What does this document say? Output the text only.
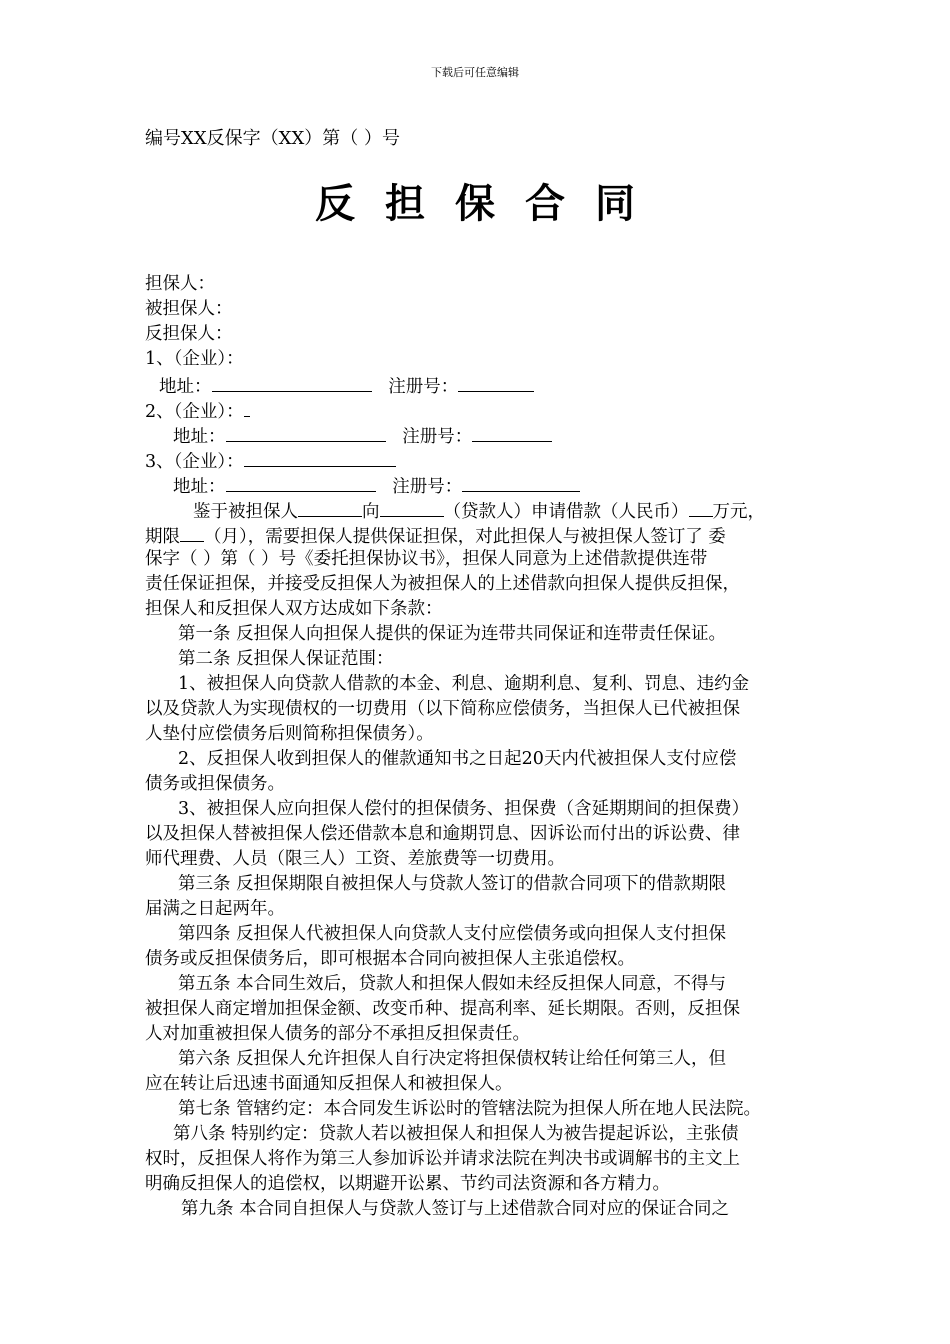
下载后可任意编辑
编号XX反保字（XX）第（ ）号
反担保合同
担保人：
被担保人：
反担保人：
1、（企业）：
地址：	注册号：
2、（企业）：
地址：	注册号：
3、（企业）：
地址：	注册号：
鉴于被担保人	向	（贷款人）申请借款（人民币） 万元，
期限 （月），需要担保人提供保证担保，对此担保人与被担保人签订了 委
保字（ ）第（ ）号《委托担保协议书》，担保人同意为上述借款提供连带
责任保证担保，并接受反担保人为被担保人的上述借款向担保人提供反担保，
担保人和反担保人双方达成如下条款：
第一条 反担保人向担保人提供的保证为连带共同保证和连带责任保证。
第二条 反担保人保证范围：
1、被担保人向贷款人借款的本金、利息、逾期利息、复利、罚息、违约金
以及贷款人为实现债权的一切费用（以下简称应偿债务，当担保人已代被担保
人垫付应偿债务后则简称担保债务）。
2、反担保人收到担保人的催款通知书之日起20天内代被担保人支付应偿
债务或担保债务。
3、被担保人应向担保人偿付的担保债务、担保费（含延期期间的担保费）
以及担保人替被担保人偿还借款本息和逾期罚息、因诉讼而付出的诉讼费、律
师代理费、人员（限三人）工资、差旅费等一切费用。
第三条 反担保期限自被担保人与贷款人签订的借款合同项下的借款期限
届满之日起两年。
第四条 反担保人代被担保人向贷款人支付应偿债务或向担保人支付担保
债务或反担保债务后，即可根据本合同向被担保人主张追偿权。
第五条 本合同生效后，贷款人和担保人假如未经反担保人同意，不得与
被担保人商定增加担保金额、改变币种、提高利率、延长期限。否则，反担保
人对加重被担保人债务的部分不承担反担保责任。
第六条 反担保人允许担保人自行决定将担保债权转让给任何第三人，但
应在转让后迅速书面通知反担保人和被担保人。
第七条 管辖约定：本合同发生诉讼时的管辖法院为担保人所在地人民法院。
第八条 特别约定：贷款人若以被担保人和担保人为被告提起诉讼，主张债
权时，反担保人将作为第三人参加诉讼并请求法院在判决书或调解书的主文上
明确反担保人的追偿权，以期避开讼累、节约司法资源和各方精力。
第九条 本合同自担保人与贷款人签订与上述借款合同对应的保证合同之
